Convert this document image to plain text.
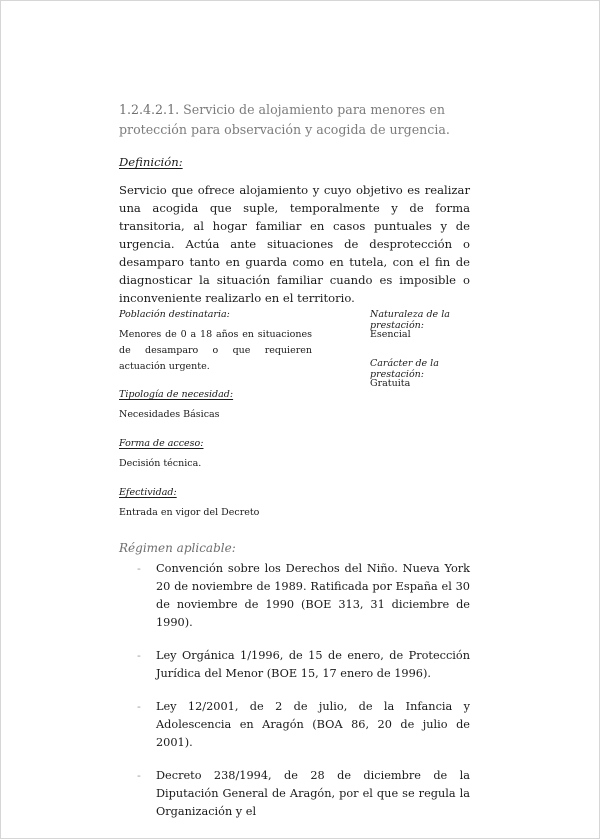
1.2.4.2.1. Servicio de alojamiento para menores en protección para observación y acogida de urgencia.

Definición:

Servicio que ofrece alojamiento y cuyo objetivo es realizar una acogida que suple, temporalmente y de forma transitoria, al hogar familiar en casos puntuales y de urgencia. Actúa ante situaciones de desprotección o desamparo tanto en guarda como en tutela, con el fin de diagnosticar la situación familiar cuando es imposible o inconveniente realizarlo en el territorio.

Población destinataria:

Menores de 0 a 18 años en situaciones de desamparo o que requieren actuación urgente.

Tipología de necesidad:

Necesidades Básicas

Forma de acceso:

Decisión técnica.

Efectividad:

Entrada en vigor del Decreto

Naturaleza de la prestación:

Esencial

Carácter de la prestación:

Gratuita

Régimen aplicable:

- Convención sobre los Derechos del Niño. Nueva York 20 de noviembre de 1989. Ratificada por España el 30 de noviembre de 1990 (BOE 313, 31 diciembre de 1990).
- Ley Orgánica 1/1996, de 15 de enero, de Protección Jurídica del Menor (BOE 15, 17 enero de 1996).
- Ley 12/2001, de 2 de julio, de la Infancia y Adolescencia en Aragón (BOA 86, 20 de julio de 2001).
- Decreto 238/1994, de 28 de diciembre de la Diputación General de Aragón, por el que se regula la Organización y el
